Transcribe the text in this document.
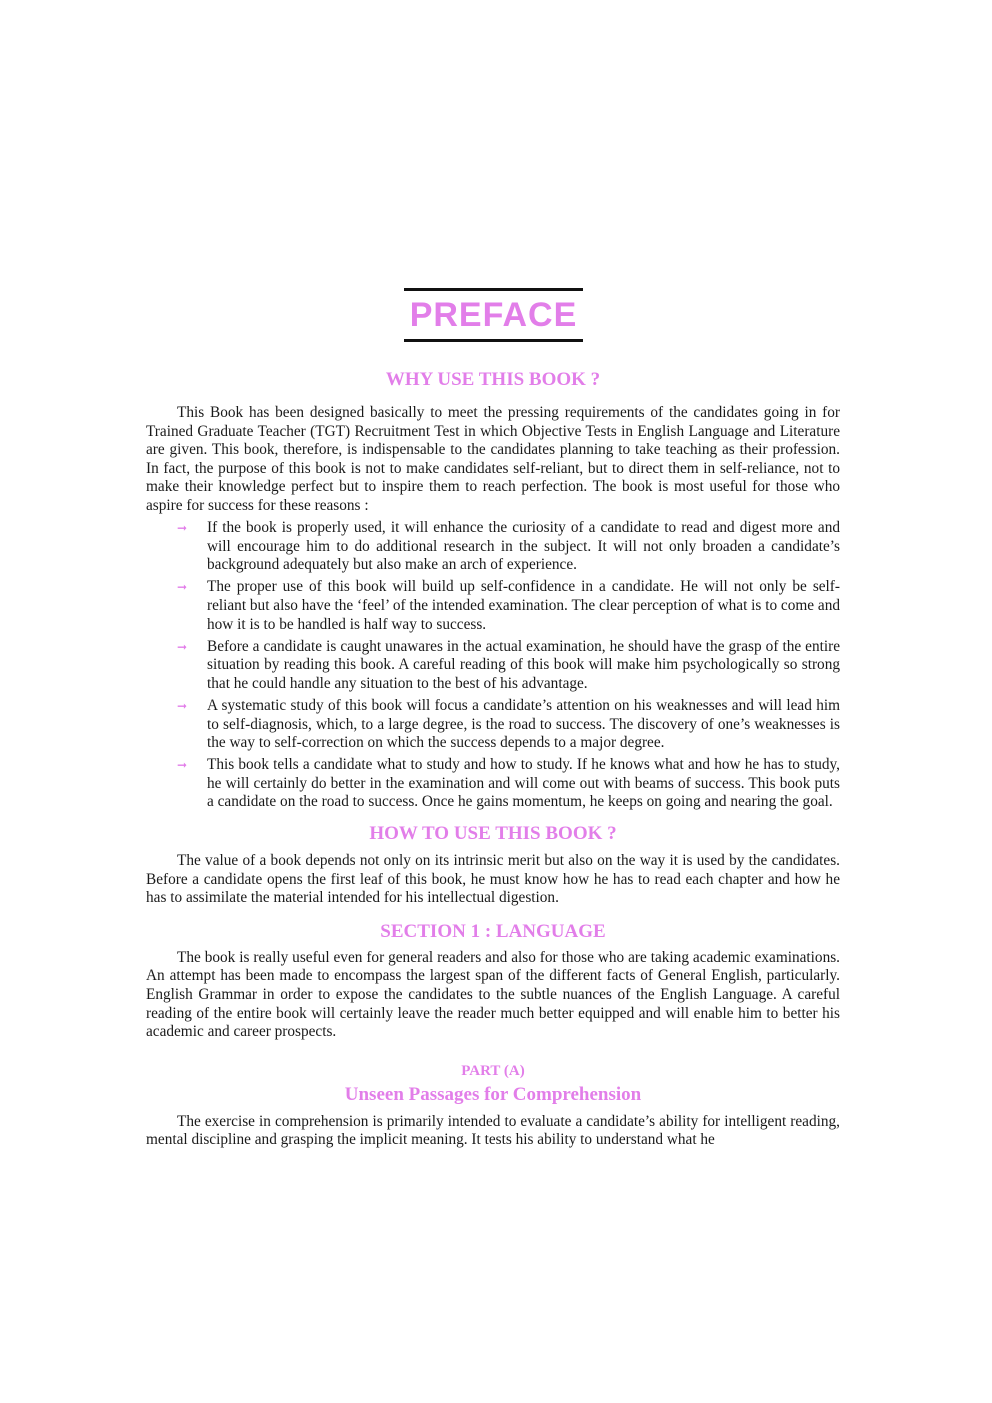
PREFACE
WHY USE THIS BOOK ?

This Book has been designed basically to meet the pressing requirements of the candidates going in for Trained Graduate Teacher (TGT) Recruitment Test in which Objective Tests in English Language and Literature are given. This book, therefore, is indispensable to the candidates planning to take teaching as their profession. In fact, the purpose of this book is not to make candidates self-reliant, but to direct them in self-reliance, not to make their knowledge perfect but to inspire them to reach perfection. The book is most useful for those who aspire for success for these reasons :

➞ If the book is properly used, it will enhance the curiosity of a candidate to read and digest more and will encourage him to do additional research in the subject. It will not only broaden a candidate’s background adequately but also make an arch of experience.
➞ The proper use of this book will build up self-confidence in a candidate. He will not only be self-reliant but also have the ‘feel’ of the intended examination. The clear perception of what is to come and how it is to be handled is half way to success.
➞ Before a candidate is caught unawares in the actual examination, he should have the grasp of the entire situation by reading this book. A careful reading of this book will make him psychologically so strong that he could handle any situation to the best of his advantage.
➞ A systematic study of this book will focus a candidate’s attention on his weaknesses and will lead him to self-diagnosis, which, to a large degree, is the road to success. The discovery of one’s weaknesses is the way to self-correction on which the success depends to a major degree.
➞ This book tells a candidate what to study and how to study. If he knows what and how he has to study, he will certainly do better in the examination and will come out with beams of success. This book puts a candidate on the road to success. Once he gains momentum, he keeps on going and nearing the goal.
HOW TO USE THIS BOOK ?

The value of a book depends not only on its intrinsic merit but also on the way it is used by the candidates. Before a candidate opens the first leaf of this book, he must know how he has to read each chapter and how he has to assimilate the material intended for his intellectual digestion.

SECTION 1 : LANGUAGE

The book is really useful even for general readers and also for those who are taking academic examinations. An attempt has been made to encompass the largest span of the different facts of General English, particularly. English Grammar in order to expose the candidates to the subtle nuances of the English Language. A careful reading of the entire book will certainly leave the reader much better equipped and will enable him to better his academic and career prospects.

PART (A)
Unseen Passages for Comprehension

The exercise in comprehension is primarily intended to evaluate a candidate’s ability for intelligent reading, mental discipline and grasping the implicit meaning. It tests his ability to understand what he
